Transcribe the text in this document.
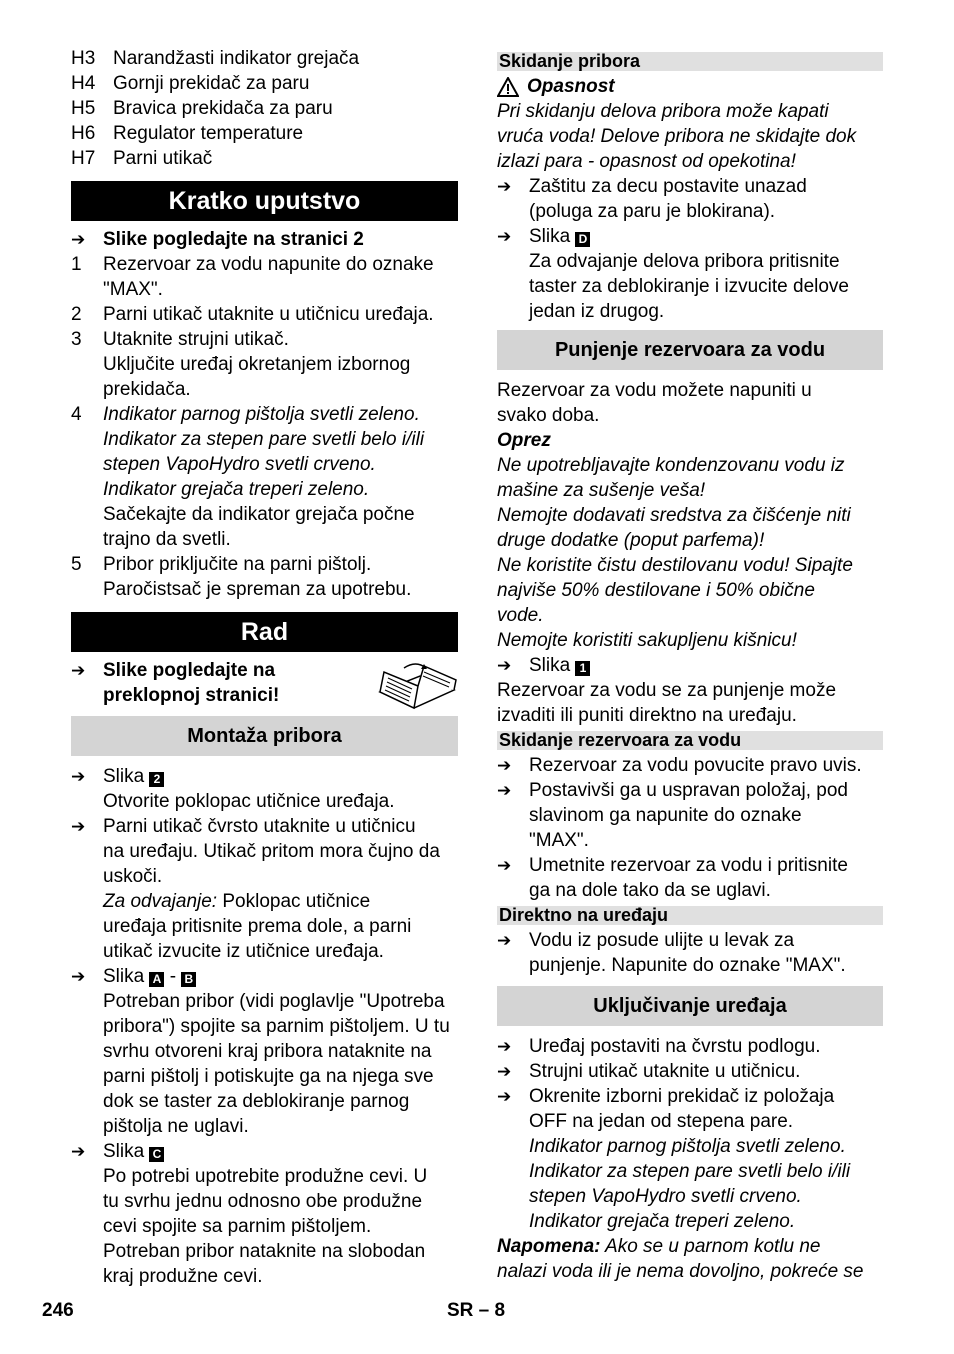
H3 Narandžasti indikator grejača
H4 Gornji prekidač za paru
H5 Bravica prekidača za paru
H6 Regulator temperature
H7 Parni utikač
Kratko uputstvo
➔ Slike pogledajte na stranici 2
1 Rezervoar za vodu napunite do oznake
"MAX".
2 Parni utikač utaknite u utičnicu uređaja.
3 Utaknite strujni utikač.
Uključite uređaj okretanjem izbornog
prekidača.
4 Indikator parnog pištolja svetli zeleno.
Indikator za stepen pare svetli belo i/ili
stepen VapoHydro svetli crveno.
Indikator grejača treperi zeleno.
Sačekajte da indikator grejača počne
trajno da svetli.
5 Pribor priključite na parni pištolj.
Paročistsač je spreman za upotrebu.
Rad
➔ Slike pogledajte na
preklopnoj stranici!
Montaža pribora
➔ Slika 2
Otvorite poklopac utičnice uređaja.
➔ Parni utikač čvrsto utaknite u utičnicu
na uređaju. Utikač pritom mora čujno da
uskoči.
Za odvajanje: Poklopac utičnice
uređaja pritisnite prema dole, a parni
utikač izvucite iz utičnice uređaja.
➔ Slika A - B
Potreban pribor (vidi poglavlje "Upotreba
pribora") spojite sa parnim pištoljem. U tu
svrhu otvoreni kraj pribora nataknite na
parni pištolj i potiskujte ga na njega sve
dok se taster za deblokiranje parnog
pištolja ne uglavi.
➔ Slika C
Po potrebi upotrebite produžne cevi. U
tu svrhu jednu odnosno obe produžne
cevi spojite sa parnim pištoljem.
Potreban pribor nataknite na slobodan
kraj produžne cevi.
Skidanje pribora
Opasnost
Pri skidanju delova pribora može kapati
vruća voda! Delove pribora ne skidajte dok
izlazi para - opasnost od opekotina!
➔ Zaštitu za decu postavite unazad
(poluga za paru je blokirana).
➔ Slika D
Za odvajanje delova pribora pritisnite
taster za deblokiranje i izvucite delove
jedan iz drugog.
Punjenje rezervoara za vodu
Rezervoar za vodu možete napuniti u
svako doba.
Oprez
Ne upotrebljavajte kondenzovanu vodu iz
mašine za sušenje veša!
Nemojte dodavati sredstva za čišćenje niti
druge dodatke (poput parfema)!
Ne koristite čistu destilovanu vodu! Sipajte
najviše 50% destilovane i 50% obične
vode.
Nemojte koristiti sakupljenu kišnicu!
➔ Slika 1
Rezervoar za vodu se za punjenje može
izvaditi ili puniti direktno na uređaju.
Skidanje rezervoara za vodu
➔ Rezervoar za vodu povucite pravo uvis.
➔ Postavivši ga u uspravan položaj, pod
slavinom ga napunite do oznake
"MAX".
➔ Umetnite rezervoar za vodu i pritisnite
ga na dole tako da se uglavi.
Direktno na uređaju
➔ Vodu iz posude ulijte u levak za
punjenje. Napunite do oznake "MAX".
Uključivanje uređaja
➔ Uređaj postaviti na čvrstu podlogu.
➔ Strujni utikač utaknite u utičnicu.
➔ Okrenite izborni prekidač iz položaja
OFF na jedan od stepena pare.
Indikator parnog pištolja svetli zeleno.
Indikator za stepen pare svetli belo i/ili
stepen VapoHydro svetli crveno.
Indikator grejača treperi zeleno.
Napomena: Ako se u parnom kotlu ne
nalazi voda ili je nema dovoljno, pokreće se
246	SR – 8
